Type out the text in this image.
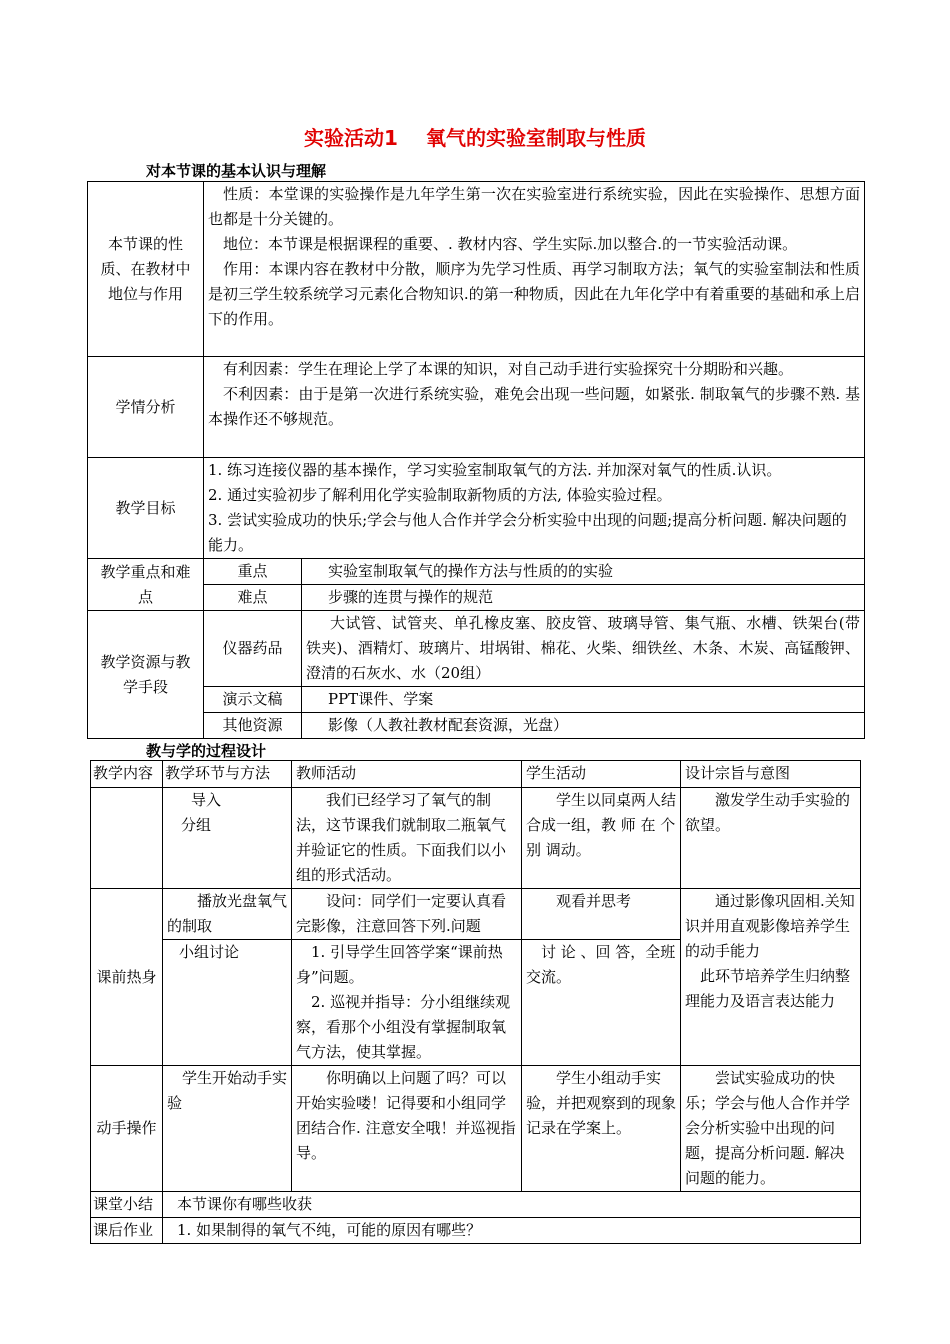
实验活动1 氧气的实验室制取与性质
对本节课的基本认识与理解
本节课的性质、在教材中地位与作用	性质：本堂课的实验操作是九年学生第一次在实验室进行系统实验，因此在实验操作、思想方面也都是十分关键的。

地位：本节课是根据课程的重要、. 教材内容、学生实际.加以整合.的一节实验活动课。

作用：本课内容在教材中分散，顺序为先学习性质、再学习制取方法；氧气的实验室制法和性质是初三学生较系统学习元素化合物知识.的第一种物质，因此在九年化学中有着重要的基础和承上启下的作用。	

学情分析	有利因素：学生在理论上学了本课的知识，对自己动手进行实验探究十分期盼和兴趣。

不利因素：由于是第一次进行系统实验，难免会出现一些问题，如紧张. 制取氧气的步骤不熟. 基本操作还不够规范。	

教学目标	1. 练习连接仪器的基本操作，学习实验室制取氧气的方法. 并加深对氧气的性质.认识。

2. 通过实验初步了解利用化学实验制取新物质的方法, 体验实验过程。

3. 尝试实验成功的快乐;学会与他人合作并学会分析实验中出现的问题;提高分析问题. 解决问题的能力。	

教学重点和难点	重点	实验室制取氧气的操作方法与性质的的实验
	难点	步骤的连贯与操作的规范
教学资源与教学手段	仪器药品	大试管、试管夹、单孔橡皮塞、胶皮管、玻璃导管、集气瓶、水槽、铁架台(带铁夹)、酒精灯、玻璃片、坩埚钳、棉花、火柴、细铁丝、木条、木炭、高锰酸钾、澄清的石灰水、水（20组）
	演示文稿	PPT课件、学案
	其他资源	影像（人教社教材配套资源，光盘）
教与学的过程设计
教学内容	教学环节与方法	教师活动	学生活动	设计宗旨与意图

	导入

分组	我们已经学习了氧气的制法，这节课我们就制取二瓶氧气并验证它的性质。下面我们以小组的形式活动。	学生以同桌两人结合成一组，教 师 在 个 别 调动。	激发学生动手实验的欲望。
课前热身	播放光盘氧气的制取	设问：同学们一定要认真看完影像，注意回答下列.问题	观看并思考	通过影像巩固相.关知识并用直观影像培养学生的动手能力

此环节培养学生归纳整理能力及语言表达能力

	小组讨论	1. 引导学生回答学案“课前热身”问题。

2. 巡视并指导：分小组继续观察，看那个小组没有掌握制取氧气方法，使其掌握。	讨 论 、回 答，全班交流。	
动手操作	学生开始动手实验	你明确以上问题了吗？可以开始实验喽！记得要和小组同学团结合作. 注意安全哦！并巡视指导。	学生小组动手实验，并把观察到的现象记录在学案上。	尝试实验成功的快乐；学会与他人合作并学会分析实验中出现的问题，提高分析问题. 解决问题的能力。
课堂小结	本节课你有哪些收获			
课后作业	1. 如果制得的氧气不纯，可能的原因有哪些？			
